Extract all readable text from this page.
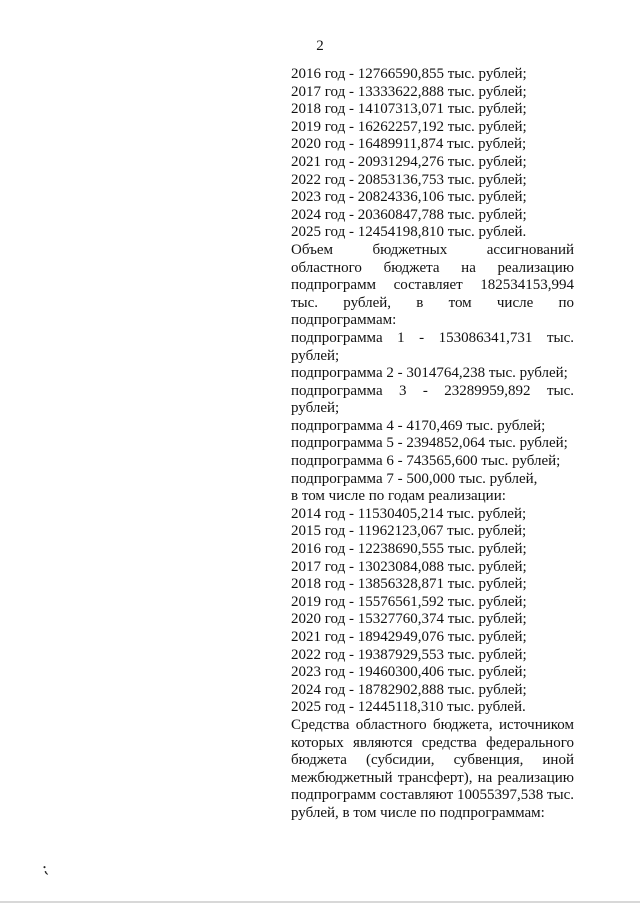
2
2016 год - 12766590,855 тыс. рублей;
2017 год - 13333622,888 тыс. рублей;
2018 год - 14107313,071 тыс. рублей;
2019 год - 16262257,192 тыс. рублей;
2020 год - 16489911,874 тыс. рублей;
2021 год - 20931294,276 тыс. рублей;
2022 год - 20853136,753 тыс. рублей;
2023 год - 20824336,106 тыс. рублей;
2024 год - 20360847,788 тыс. рублей;
2025 год - 12454198,810 тыс. рублей.
Объем бюджетных ассигнований областного бюджета на реализацию подпрограмм составляет 182534153,994 тыс. рублей, в том числе по подпрограммам:
подпрограмма 1 - 153086341,731 тыс. рублей;
подпрограмма 2 - 3014764,238 тыс. рублей;
подпрограмма 3 - 23289959,892 тыс. рублей;
подпрограмма 4 - 4170,469 тыс. рублей;
подпрограмма 5 - 2394852,064 тыс. рублей;
подпрограмма 6 - 743565,600 тыс. рублей;
подпрограмма 7 - 500,000 тыс. рублей,
в том числе по годам реализации:
2014 год - 11530405,214 тыс. рублей;
2015 год - 11962123,067 тыс. рублей;
2016 год - 12238690,555 тыс. рублей;
2017 год - 13023084,088 тыс. рублей;
2018 год - 13856328,871 тыс. рублей;
2019 год - 15576561,592 тыс. рублей;
2020 год - 15327760,374 тыс. рублей;
2021 год - 18942949,076 тыс. рублей;
2022 год - 19387929,553 тыс. рублей;
2023 год - 19460300,406 тыс. рублей;
2024 год - 18782902,888 тыс. рублей;
2025 год - 12445118,310 тыс. рублей.
Средства областного бюджета, источником которых являются средства федерального бюджета (субсидии, субвенция, иной межбюджетный трансферт), на реализацию подпрограмм составляют 10055397,538 тыс. рублей, в том числе по подпрограммам:
⁏
